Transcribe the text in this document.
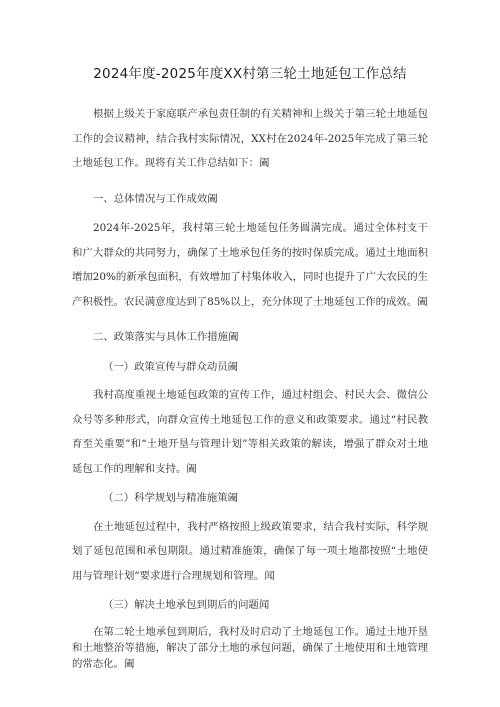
2024年度-2025年度XX村第三轮土地延包工作总结

根据上级关于家庭联产承包责任制的有关精神和上级关于第三轮土地延包工作的会议精神，结合我村实际情况，XX村在2024年-2025年完成了第三轮土地延包工作。现将有关工作总结如下：阖

一、总体情况与工作成效阖

2024年-2025年，我村第三轮土地延包任务圆满完成。通过全体村支干和广大群众的共同努力，确保了土地承包任务的按时保质完成。通过土地面积增加20%的新承包面积，有效增加了村集体收入，同时也提升了广大农民的生产积极性。农民满意度达到了85%以上，充分体现了土地延包工作的成效。阖

二、政策落实与具体工作措施阖

（一）政策宣传与群众动员阖

我村高度重视土地延包政策的宣传工作，通过村组会、村民大会、微信公众号等多种形式，向群众宣传土地延包工作的意义和政策要求。通过“村民教育至关重要”和“土地开垦与管理计划”等相关政策的解读，增强了群众对土地延包工作的理解和支持。阖

（二）科学规划与精准施策阖

在土地延包过程中，我村严格按照上级政策要求，结合我村实际，科学规划了延包范围和承包期限。通过精准施策，确保了每一项土地都按照“土地使用与管理计划”要求进行合理规划和管理。闻

（三）解决土地承包到期后的问题闻

在第二轮土地承包到期后，我村及时启动了土地延包工作。通过土地开垦和土地整治等措施，解决了部分土地的承包问题，确保了土地使用和土地管理的常态化。阖
